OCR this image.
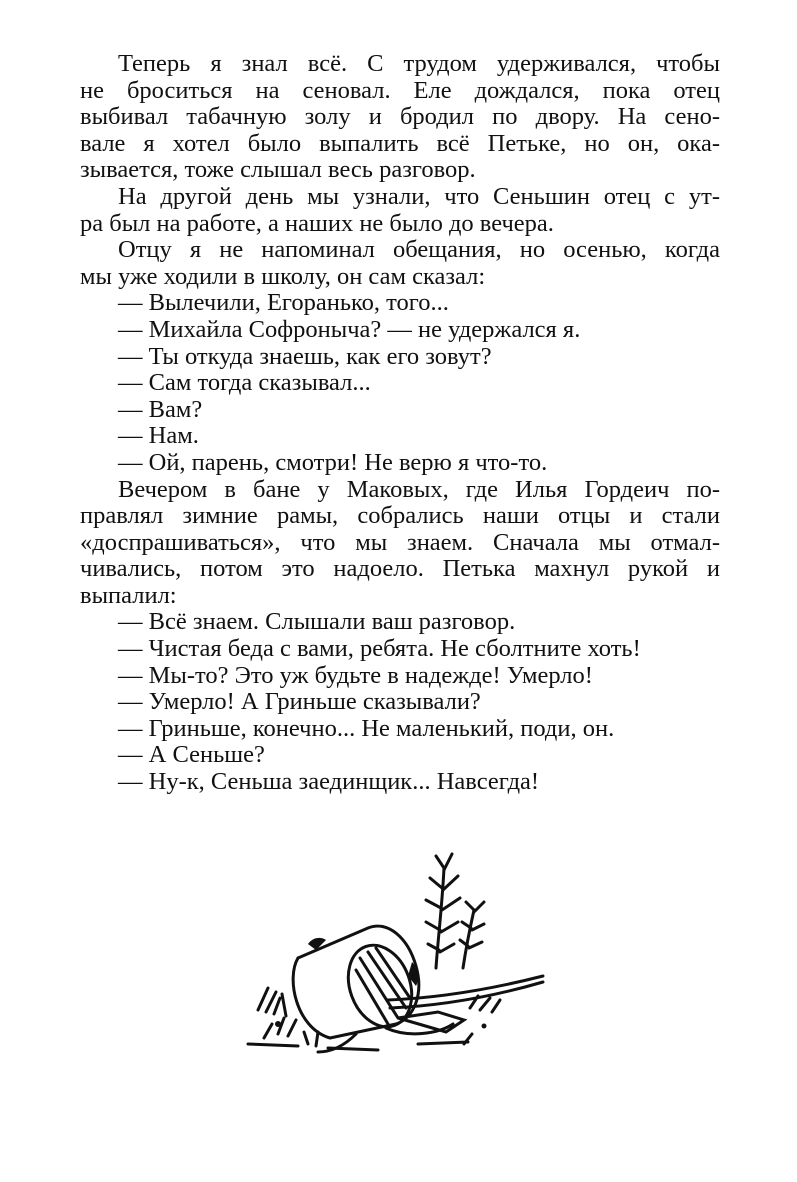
Теперь я знал всё. С трудом удерживался, чтобы
не броситься на сеновал. Еле дождался, пока отец
выбивал табачную золу и бродил по двору. На сено-
вале я хотел было выпалить всё Петьке, но он, ока-
зывается, тоже слышал весь разговор.
На другой день мы узнали, что Сеньшин отец с ут-
ра был на работе, а наших не было до вечера.
Отцу я не напоминал обещания, но осенью, когда
мы уже ходили в школу, он сам сказал:
— Вылечили, Егоранько, того...
— Михайла Софроныча? — не удержался я.
— Ты откуда знаешь, как его зовут?
— Сам тогда сказывал...
— Вам?
— Нам.
— Ой, парень, смотри! Не верю я что-то.
Вечером в бане у Маковых, где Илья Гордеич по-
правлял зимние рамы, собрались наши отцы и стали
«доспрашиваться», что мы знаем. Сначала мы отмал-
чивались, потом это надоело. Петька махнул рукой и
выпалил:
— Всё знаем. Слышали ваш разговор.
— Чистая беда с вами, ребята. Не сболтните хоть!
— Мы-то? Это уж будьте в надежде! Умерло!
— Умерло! А Гриньше сказывали?
— Гриньше, конечно... Не маленький, поди, он.
— А Сеньше?
— Ну-к, Сеньша заединщик... Навсегда!
